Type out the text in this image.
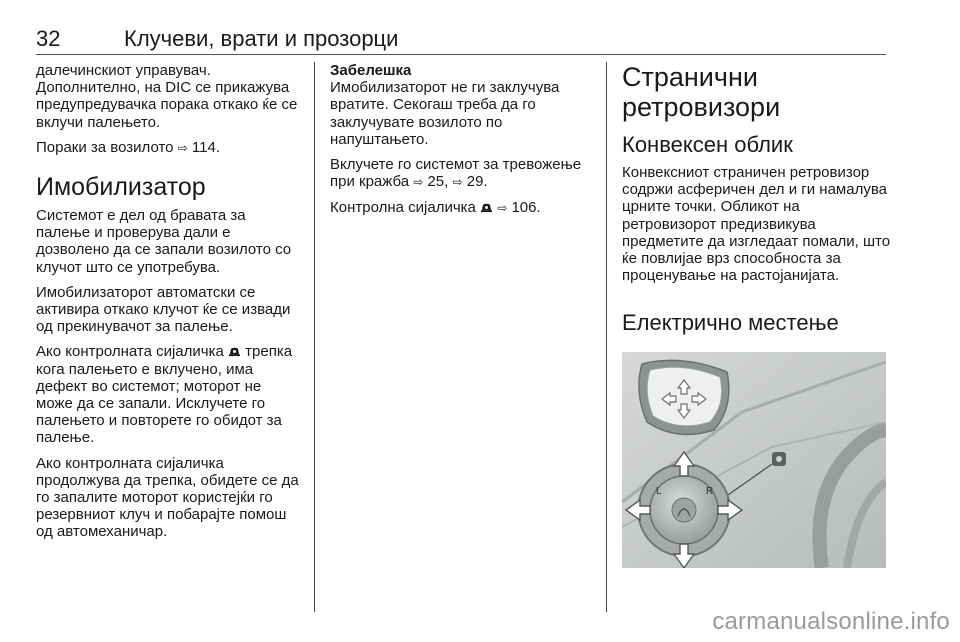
32	Клучеви, врати и прозорци

далечинскиот управувач. Дополнително, на DIC се прикажува предупредувачка порака откако ќе се вклучи палењето.

Пораки за возилото ⇨ 114.

Имобилизатор

Системот е дел од бравата за палење и проверува дали е дозволено да се запали возилото со клучот што се употребува.

Имобилизаторот автоматски се активира откако клучот ќе се извади од прекинувачот за палење.

Ако контролната сијаличка трепка кога палењето е вклучено, има дефект во системот; моторот не може да се запали. Исклучете го палењето и повторете го обидот за палење.

Ако контролната сијаличка продолжува да трепка, обидете се да го запалите моторот користејќи го резервниот клуч и побарајте помош од автомеханичар.

Забелешка

Имобилизаторот не ги заклучува вратите. Секогаш треба да го заклучувате возилото по напуштањето.

Вклучете го системот за тревожење при кражба ⇨ 25, ⇨ 29.

Контролна сијаличка ⇨ 106.

Странични ретровизори
Конвексен облик

Конвексниот страничен ретровизор содржи асферичен дел и ги намалува црните точки. Обликот на ретровизорот предизвикува предметите да изгледаат помали, што ќе повлијае врз способноста за проценување на растојанијата.

Електрично местење
L	R
carmanualsonline.info
